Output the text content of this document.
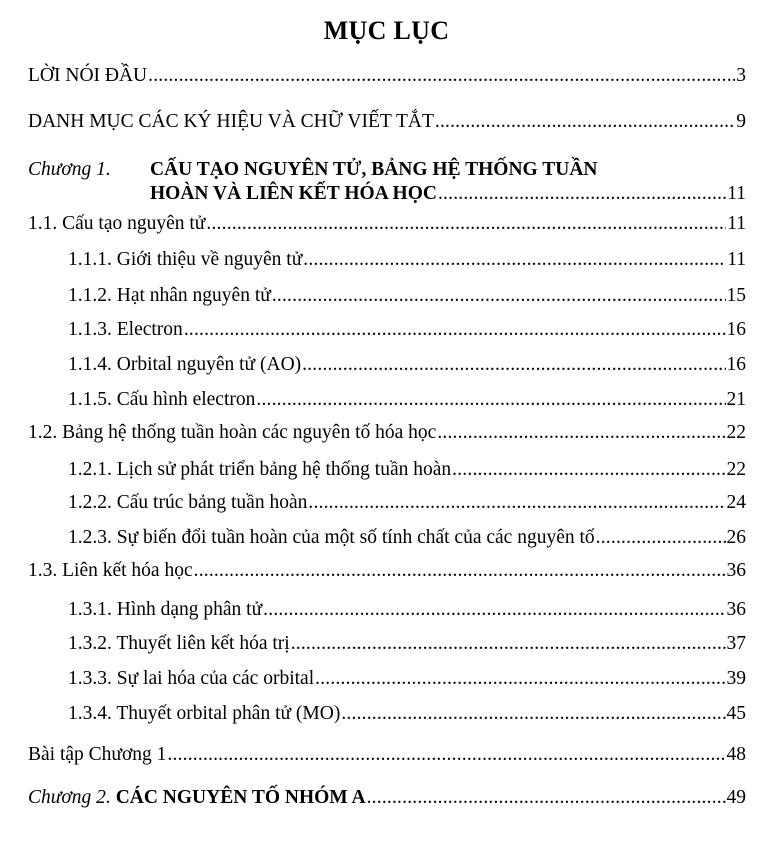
MỤC LỤC
LỜI NÓI ĐẦU .....	3
DANH MỤC CÁC KÝ HIỆU VÀ CHỮ VIẾT TẮT .....	9
Chương 1.	CẤU TẠO NGUYÊN TỬ, BẢNG HỆ THỐNG TUẦN
HOÀN VÀ LIÊN KẾT HÓA HỌC .....	11
1.1. Cấu tạo nguyên tử .....	11
1.1.1. Giới thiệu về nguyên tử .....	11
1.1.2. Hạt nhân nguyên tử .....	15
1.1.3. Electron .....	16
1.1.4. Orbital nguyên tử (AO) .....	16
1.1.5. Cấu hình electron .....	21
1.2. Bảng hệ thống tuần hoàn các nguyên tố hóa học .....	22
1.2.1. Lịch sử phát triển bảng hệ thống tuần hoàn .....	22
1.2.2. Cấu trúc bảng tuần hoàn .....	24
1.2.3. Sự biến đổi tuần hoàn của một số tính chất của các nguyên tố .....	26
1.3. Liên kết hóa học .....	36
1.3.1. Hình dạng phân tử .....	36
1.3.2. Thuyết liên kết hóa trị .....	37
1.3.3. Sự lai hóa của các orbital .....	39
1.3.4. Thuyết orbital phân tử (MO) .....	45
Bài tập Chương 1 .....	48
Chương 2. CÁC NGUYÊN TỐ NHÓM A .....	49
